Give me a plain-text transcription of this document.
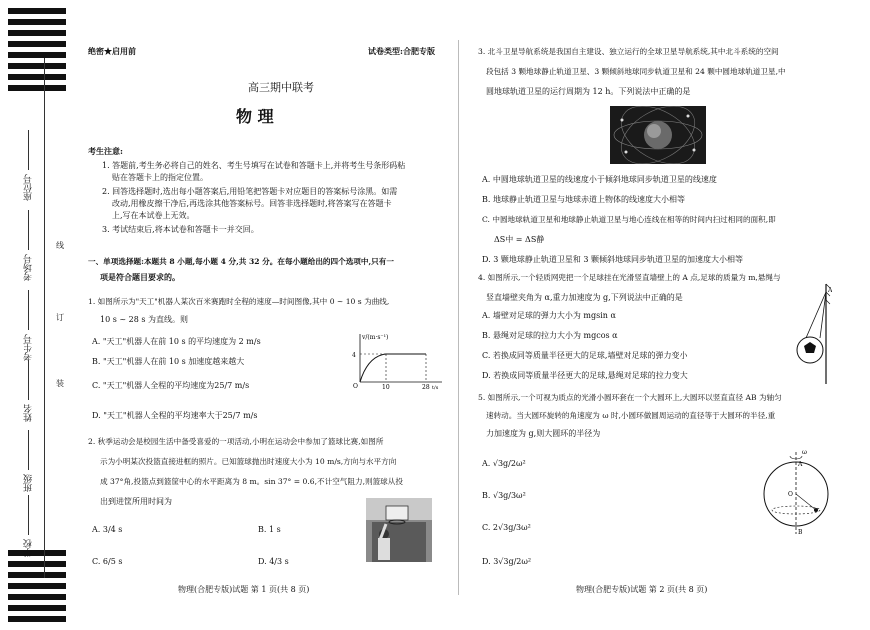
座位号
考场号
考生号
姓名
班级
学校
线
订
装
绝密★启用前	试卷类型:合肥专版
高三期中联考
物 理
考生注意:
1. 答题前,考生务必将自己的姓名、考生号填写在试卷和答题卡上,并将考生号条形码粘
贴在答题卡上的指定位置。
2. 回答选择题时,选出每小题答案后,用铅笔把答题卡对应题目的答案标号涂黑。如需
改动,用橡皮擦干净后,再选涂其他答案标号。回答非选择题时,将答案写在答题卡
上,写在本试卷上无效。
3. 考试结束后,将本试卷和答题卡一并交回。
一、单项选择题:本题共 8 小题,每小题 4 分,共 32 分。在每小题给出的四个选项中,只有一
项是符合题目要求的。
1. 如图所示为"天工"机器人某次百米赛跑时全程的速度—时间图像,其中 0 ~ 10 s 为曲线,
10 s ~ 28 s 为直线。则
A. "天工"机器人在前 10 s 的平均速度为 2 m/s
B. "天工"机器人在前 10 s 加速度越来越大
C. "天工"机器人全程的平均速度为25/7 m/s
D. "天工"机器人全程的平均速率大于25/7 m/s
v/(m·s⁻¹)
4
O	10	28 t/s
2. 秋季运动会是校园生活中备受喜爱的一项活动,小明在运动会中参加了篮球比赛,如图所
示为小明某次投篮直接进框的照片。已知篮球抛出时速度大小为 10 m/s,方向与水平方向
成 37°角,投篮点到篮筐中心的水平距离为 8 m。sin 37° = 0.6,不计空气阻力,则篮球从投
出到进筐所用时间为
A. 3/4 s	B. 1 s
C. 6/5 s	D. 4/3 s
物理(合肥专版)试题 第 1 页(共 8 页)
3. 北斗卫星导航系统是我国自主建设、独立运行的全球卫星导航系统,其中北斗系统的空间
段包括 3 颗地球静止轨道卫星、3 颗倾斜地球同步轨道卫星和 24 颗中圆地球轨道卫星,中
圆地球轨道卫星的运行周期为 12 h。下列说法中正确的是
A. 中圆地球轨道卫星的线速度小于倾斜地球同步轨道卫星的线速度
B. 地球静止轨道卫星与地球赤道上物体的线速度大小相等
C. 中圆地球轨道卫星和地球静止轨道卫星与地心连线在相等的时间内扫过相同的面积,即
ΔS中 = ΔS静
D. 3 颗地球静止轨道卫星和 3 颗倾斜地球同步轨道卫星的加速度大小相等
4. 如图所示,一个轻质网兜把一个足球挂在光滑竖直墙壁上的 A 点,足球的质量为 m,悬绳与
竖直墙壁夹角为 α,重力加速度为 g,下列说法中正确的是
A. 墙壁对足球的弹力大小为 mgsin α
B. 悬绳对足球的拉力大小为 mgcos α
C. 若换成同等质量半径更大的足球,墙壁对足球的弹力变小
D. 若换成同等质量半径更大的足球,悬绳对足球的拉力变大
A
5. 如图所示,一个可视为质点的光滑小圆环套在一个大圆环上,大圆环以竖直直径 AB 为轴匀
速转动。当大圆环旋转的角速度为 ω 时,小圆环做圆周运动的直径等于大圆环的半径,重
力加速度为 g,则大圆环的半径为
A. √3g/2ω²
B. √3g/3ω²
C. 2√3g/3ω²
D. 3√3g/2ω²
ω
A
O
B
物理(合肥专版)试题 第 2 页(共 8 页)
